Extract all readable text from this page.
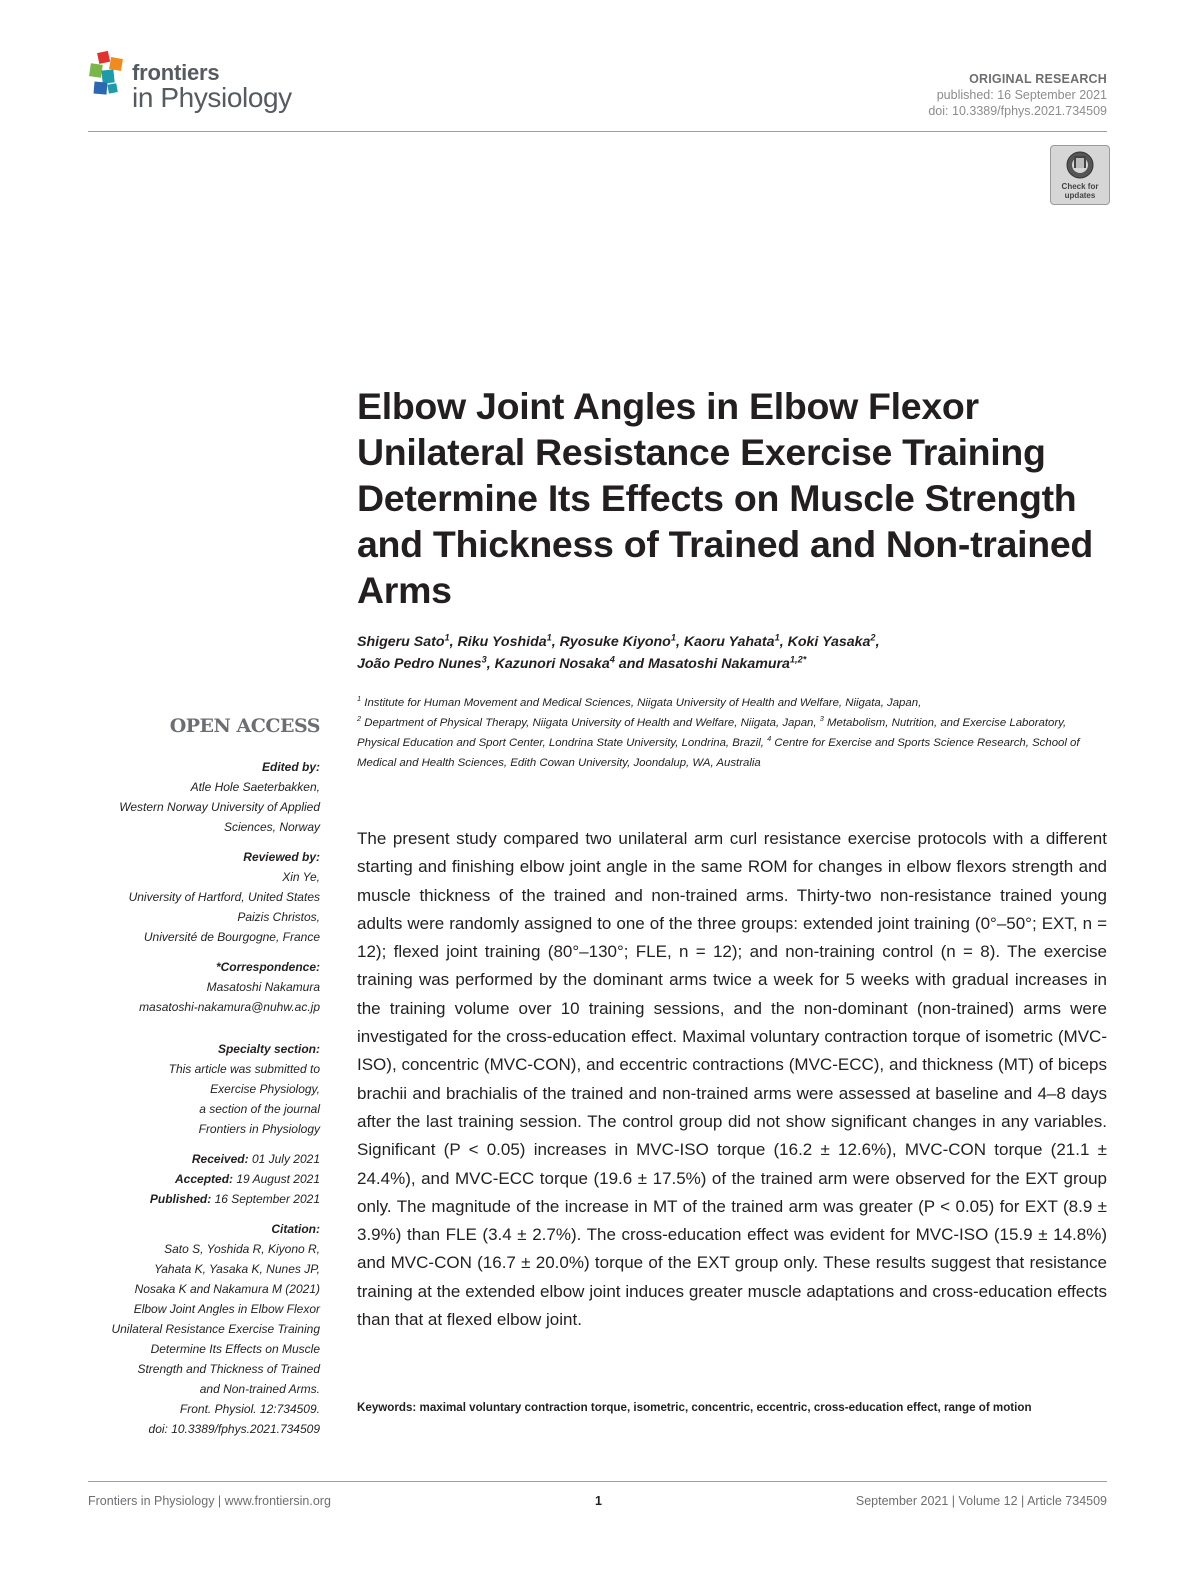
frontiers
in Physiology
ORIGINAL RESEARCH
published: 16 September 2021
doi: 10.3389/fphys.2021.734509
Check for updates
Elbow Joint Angles in Elbow Flexor Unilateral Resistance Exercise Training Determine Its Effects on Muscle Strength and Thickness of Trained and Non-trained Arms
Shigeru Sato$^1$, Riku Yoshida$^1$, Ryosuke Kiyono$^1$, Kaoru Yahata$^1$, Koki Yasaka$^2$,
João Pedro Nunes$^3$, Kazunori Nosaka$^4$ and Masatoshi Nakamura$^{1,2*}$
$^1$ Institute for Human Movement and Medical Sciences, Niigata University of Health and Welfare, Niigata, Japan,
$^2$ Department of Physical Therapy, Niigata University of Health and Welfare, Niigata, Japan, $^3$ Metabolism, Nutrition, and Exercise Laboratory, Physical Education and Sport Center, Londrina State University, Londrina, Brazil, $^4$ Centre for Exercise and Sports Science Research, School of Medical and Health Sciences, Edith Cowan University, Joondalup, WA, Australia

The present study compared two unilateral arm curl resistance exercise protocols with a different starting and finishing elbow joint angle in the same ROM for changes in elbow flexors strength and muscle thickness of the trained and non-trained arms. Thirty-two non-resistance trained young adults were randomly assigned to one of the three groups: extended joint training (0°–50°; EXT, n = 12); flexed joint training (80°–130°; FLE, n = 12); and non-training control (n = 8). The exercise training was performed by the dominant arms twice a week for 5 weeks with gradual increases in the training volume over 10 training sessions, and the non-dominant (non-trained) arms were investigated for the cross-education effect. Maximal voluntary contraction torque of isometric (MVC-ISO), concentric (MVC-CON), and eccentric contractions (MVC-ECC), and thickness (MT) of biceps brachii and brachialis of the trained and non-trained arms were assessed at baseline and 4–8 days after the last training session. The control group did not show significant changes in any variables. Significant (P < 0.05) increases in MVC-ISO torque (16.2 ± 12.6%), MVC-CON torque (21.1 ± 24.4%), and MVC-ECC torque (19.6 ± 17.5%) of the trained arm were observed for the EXT group only. The magnitude of the increase in MT of the trained arm was greater (P < 0.05) for EXT (8.9 ± 3.9%) than FLE (3.4 ± 2.7%). The cross-education effect was evident for MVC-ISO (15.9 ± 14.8%) and MVC-CON (16.7 ± 20.0%) torque of the EXT group only. These results suggest that resistance training at the extended elbow joint induces greater muscle adaptations and cross-education effects than that at flexed elbow joint.

Keywords: maximal voluntary contraction torque, isometric, concentric, eccentric, cross-education effect, range of motion
OPEN ACCESS
Edited by:
Atle Hole Saeterbakken,
Western Norway University of Applied
Sciences, Norway
Reviewed by:
Xin Ye,
University of Hartford, United States
Paizis Christos,
Université de Bourgogne, France
*Correspondence:
Masatoshi Nakamura
masatoshi-nakamura@nuhw.ac.jp
Specialty section:
This article was submitted to
Exercise Physiology,
a section of the journal
Frontiers in Physiology
Received: 01 July 2021
Accepted: 19 August 2021
Published: 16 September 2021
Citation:
Sato S, Yoshida R, Kiyono R,
Yahata K, Yasaka K, Nunes JP,
Nosaka K and Nakamura M (2021)
Elbow Joint Angles in Elbow Flexor
Unilateral Resistance Exercise Training
Determine Its Effects on Muscle
Strength and Thickness of Trained
and Non-trained Arms.
Front. Physiol. 12:734509.
doi: 10.3389/fphys.2021.734509
Frontiers in Physiology | www.frontiersin.org	1	September 2021 | Volume 12 | Article 734509
